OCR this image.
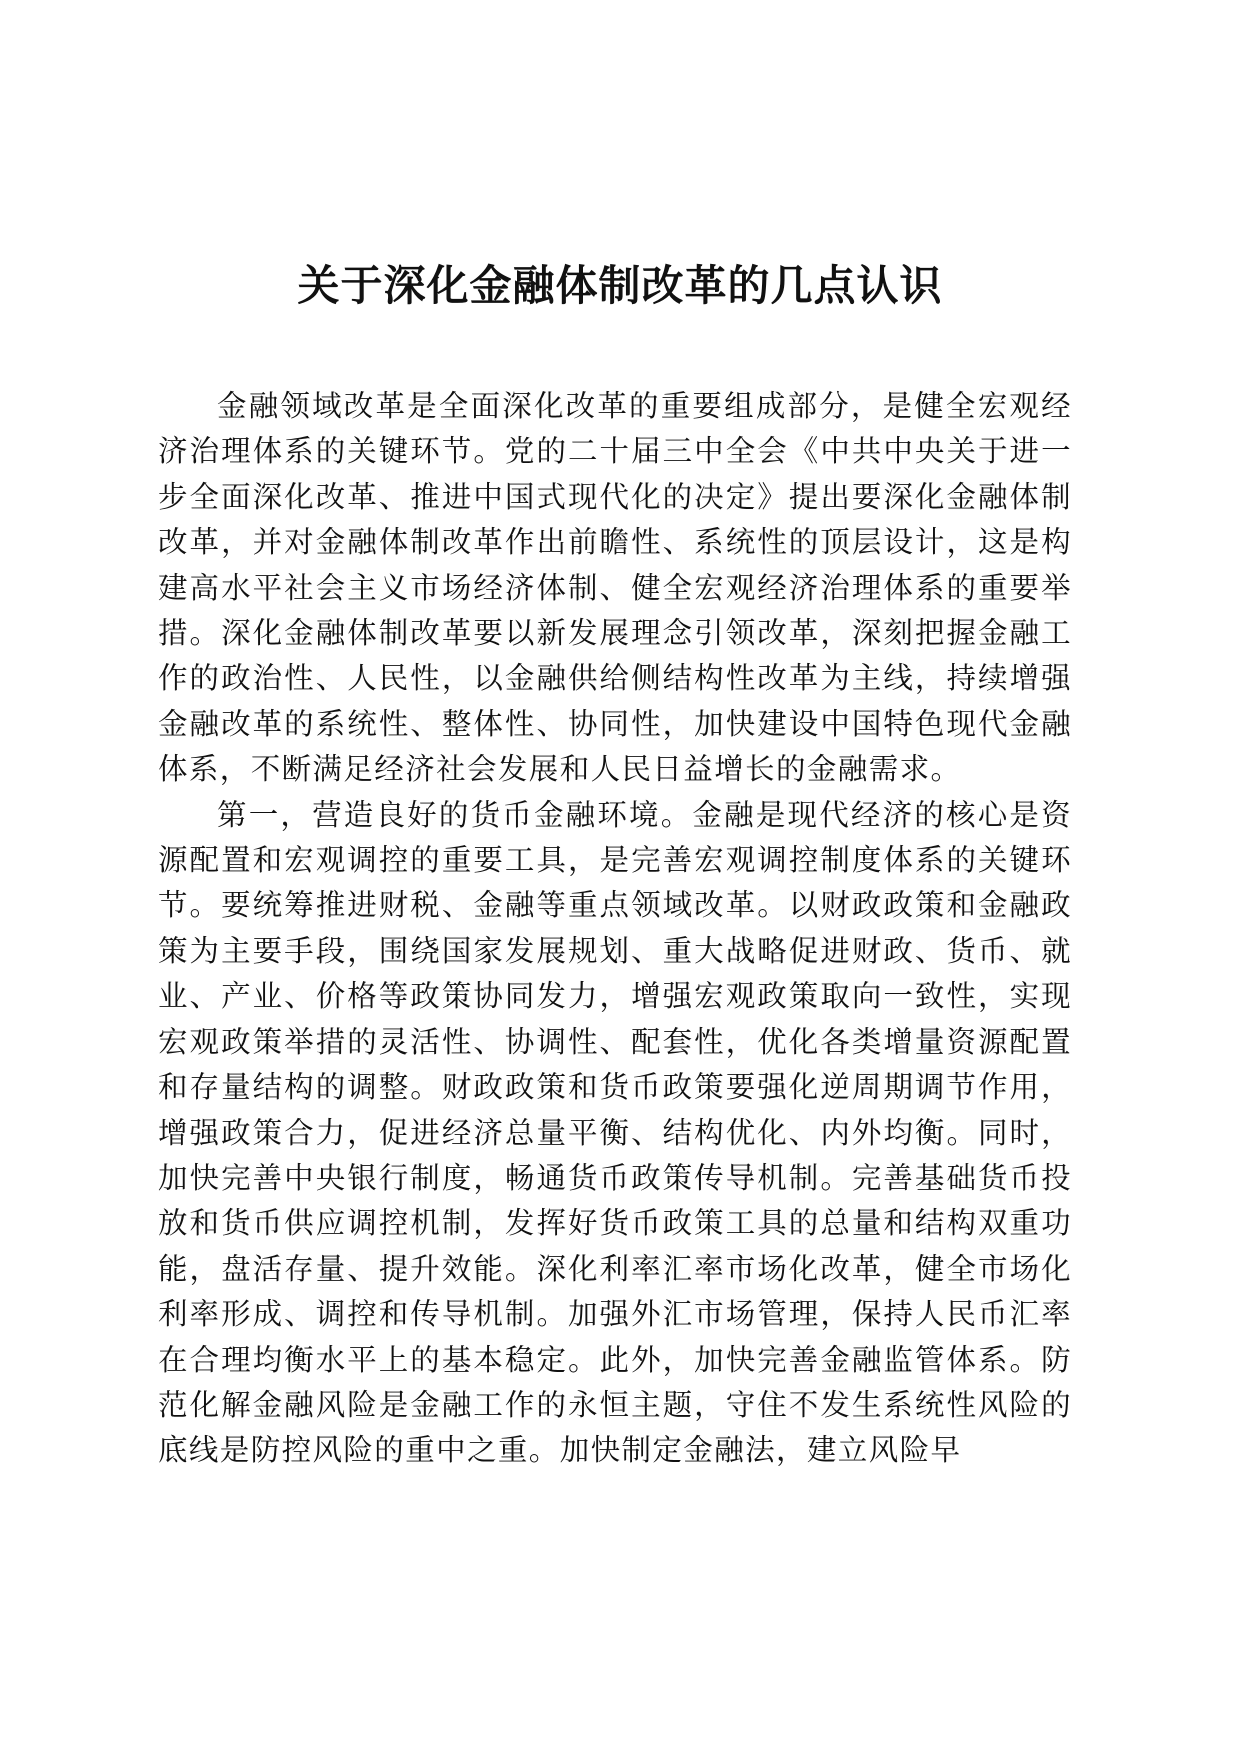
关于深化金融体制改革的几点认识

金融领域改革是全面深化改革的重要组成部分，是健全宏观经济治理体系的关键环节。党的二十届三中全会《中共中央关于进一步全面深化改革、推进中国式现代化的决定》提出要深化金融体制改革，并对金融体制改革作出前瞻性、系统性的顶层设计，这是构建高水平社会主义市场经济体制、健全宏观经济治理体系的重要举措。深化金融体制改革要以新发展理念引领改革，深刻把握金融工作的政治性、人民性，以金融供给侧结构性改革为主线，持续增强金融改革的系统性、整体性、协同性，加快建设中国特色现代金融体系，不断满足经济社会发展和人民日益增长的金融需求。

第一，营造良好的货币金融环境。金融是现代经济的核心是资源配置和宏观调控的重要工具，是完善宏观调控制度体系的关键环节。要统筹推进财税、金融等重点领域改革。以财政政策和金融政策为主要手段，围绕国家发展规划、重大战略促进财政、货币、就业、产业、价格等政策协同发力，增强宏观政策取向一致性，实现宏观政策举措的灵活性、协调性、配套性，优化各类增量资源配置和存量结构的调整。财政政策和货币政策要强化逆周期调节作用，增强政策合力，促进经济总量平衡、结构优化、内外均衡。同时，加快完善中央银行制度，畅通货币政策传导机制。完善基础货币投放和货币供应调控机制，发挥好货币政策工具的总量和结构双重功能，盘活存量、提升效能。深化利率汇率市场化改革，健全市场化利率形成、调控和传导机制。加强外汇市场管理，保持人民币汇率在合理均衡水平上的基本稳定。此外，加快完善金融监管体系。防范化解金融风险是金融工作的永恒主题，守住不发生系统性风险的底线是防控风险的重中之重。加快制定金融法，建立风险早
